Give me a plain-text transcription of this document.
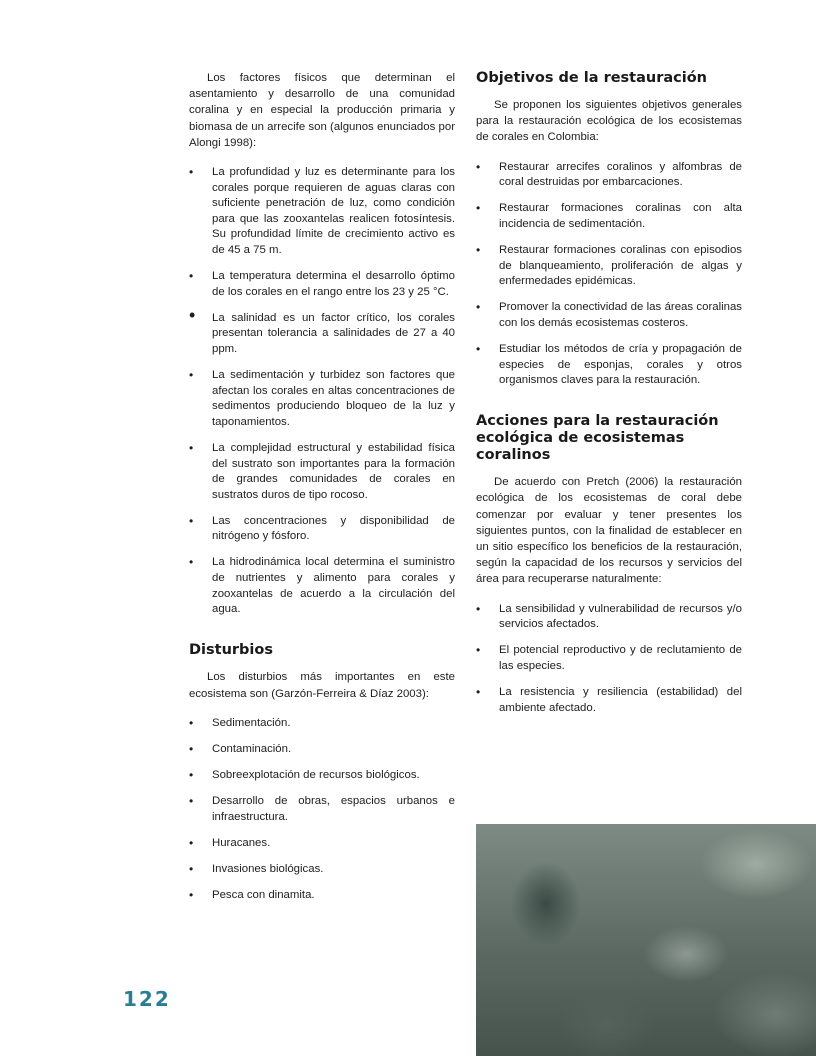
Los factores físicos que determinan el asentamiento y desarrollo de una comunidad coralina y en especial la producción primaria y biomasa de un arrecife son (algunos enunciados por Alongi 1998):

• La profundidad y luz es determinante para los corales porque requieren de aguas claras con suficiente penetración de luz, como condición para que las zooxantelas realicen fotosíntesis. Su profundidad límite de crecimiento activo es de 45 a 75 m.
• La temperatura determina el desarrollo óptimo de los corales en el rango entre los 23 y 25 °C.
• La salinidad es un factor crítico, los corales presentan tolerancia a salinidades de 27 a 40 ppm.
• La sedimentación y turbidez son factores que afectan los corales en altas concentraciones de sedimentos produciendo bloqueo de la luz y taponamientos.
• La complejidad estructural y estabilidad física del sustrato son importantes para la formación de grandes comunidades de corales en sustratos duros de tipo rocoso.
• Las concentraciones y disponibilidad de nitrógeno y fósforo.
• La hidrodinámica local determina el suministro de nutrientes y alimento para corales y zooxantelas de acuerdo a la circulación del agua.
Disturbios

Los disturbios más importantes en este ecosistema son (Garzón-Ferreira & Díaz 2003):

• Sedimentación.
• Contaminación.
• Sobreexplotación de recursos biológicos.
• Desarrollo de obras, espacios urbanos e infraestructura.
• Huracanes.
• Invasiones biológicas.
• Pesca con dinamita.
Objetivos de la restauración

Se proponen los siguientes objetivos generales para la restauración ecológica de los ecosistemas de corales en Colombia:

• Restaurar arrecifes coralinos y alfombras de coral destruidas por embarcaciones.
• Restaurar formaciones coralinas con alta incidencia de sedimentación.
• Restaurar formaciones coralinas con episodios de blanqueamiento, proliferación de algas y enfermedades epidémicas.
• Promover la conectividad de las áreas coralinas con los demás ecosistemas costeros.
• Estudiar los métodos de cría y propagación de especies de esponjas, corales y otros organismos claves para la restauración.
Acciones para la restauración ecológica de ecosistemas coralinos

De acuerdo con Pretch (2006) la restauración ecológica de los ecosistemas de coral debe comenzar por evaluar y tener presentes los siguientes puntos, con la finalidad de establecer en un sitio específico los beneficios de la restauración, según la capacidad de los recursos y servicios del área para recuperarse naturalmente:

• La sensibilidad y vulnerabilidad de recursos y/o servicios afectados.
• El potencial reproductivo y de reclutamiento de las especies.
• La resistencia y resiliencia (estabilidad) del ambiente afectado.
122
